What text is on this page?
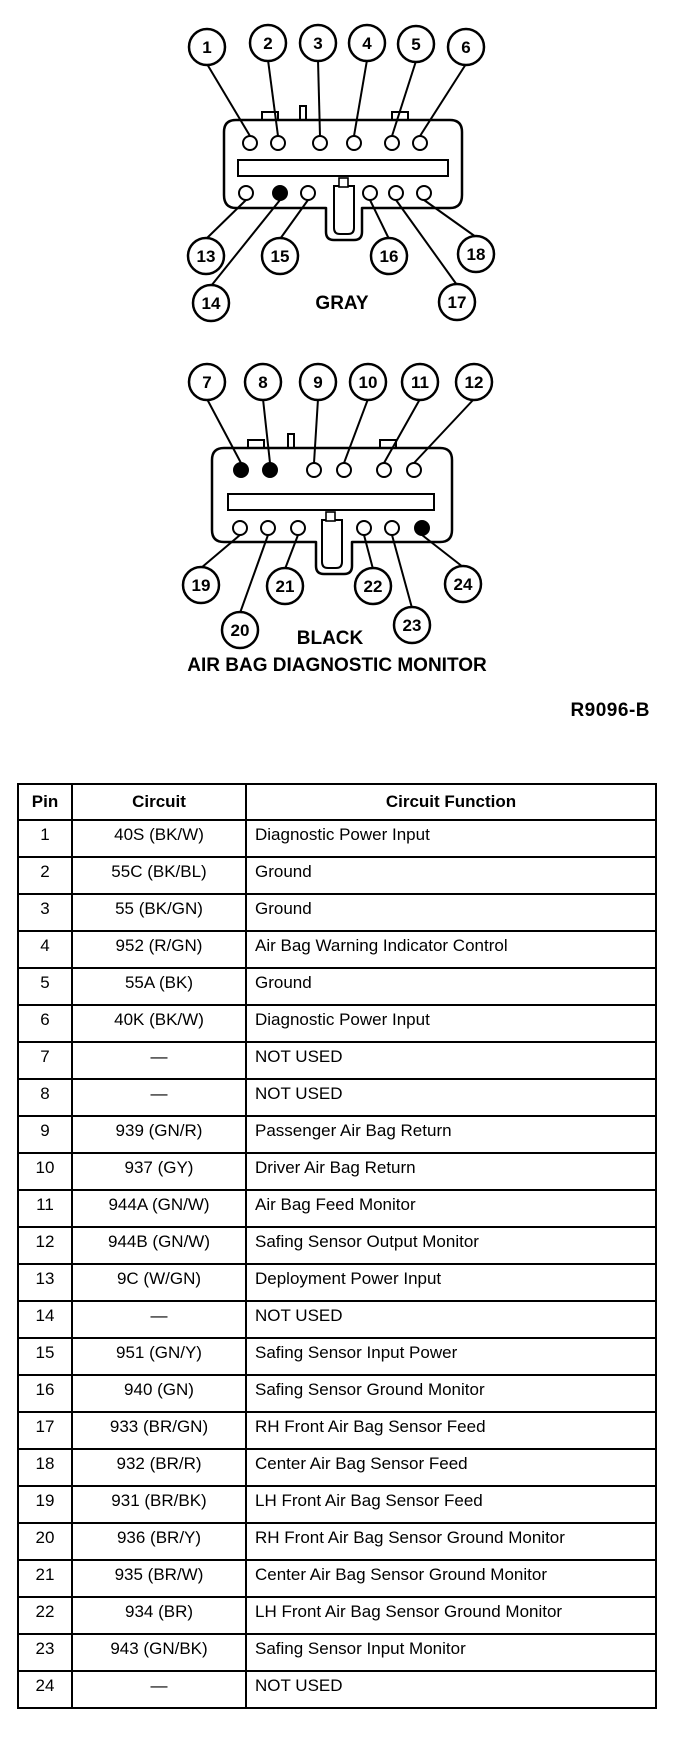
1	2 3 4 5 6
13
14
15	16
17
18
7	8	9 10 11 12
19
20
21	22
23
24
GRAY
BLACK
AIR BAG DIAGNOSTIC MONITOR
R9096-B
Pin	Circuit	Circuit Function
1	40S (BK/W)	Diagnostic Power Input
2	55C (BK/BL)	Ground
3	55 (BK/GN)	Ground
4	952 (R/GN)	Air Bag Warning Indicator Control
5	55A (BK)	Ground
6	40K (BK/W)	Diagnostic Power Input
7	—	NOT USED
8	—	NOT USED
9	939 (GN/R)	Passenger Air Bag Return
10	937 (GY)	Driver Air Bag Return
11	944A (GN/W)	Air Bag Feed Monitor
12	944B (GN/W)	Safing Sensor Output Monitor
13	9C (W/GN)	Deployment Power Input
14	—	NOT USED
15	951 (GN/Y)	Safing Sensor Input Power
16	940 (GN)	Safing Sensor Ground Monitor
17	933 (BR/GN)	RH Front Air Bag Sensor Feed
18	932 (BR/R)	Center Air Bag Sensor Feed
19	931 (BR/BK)	LH Front Air Bag Sensor Feed
20	936 (BR/Y)	RH Front Air Bag Sensor Ground Monitor
21	935 (BR/W)	Center Air Bag Sensor Ground Monitor
22	934 (BR)	LH Front Air Bag Sensor Ground Monitor
23	943 (GN/BK)	Safing Sensor Input Monitor
24	—	NOT USED
